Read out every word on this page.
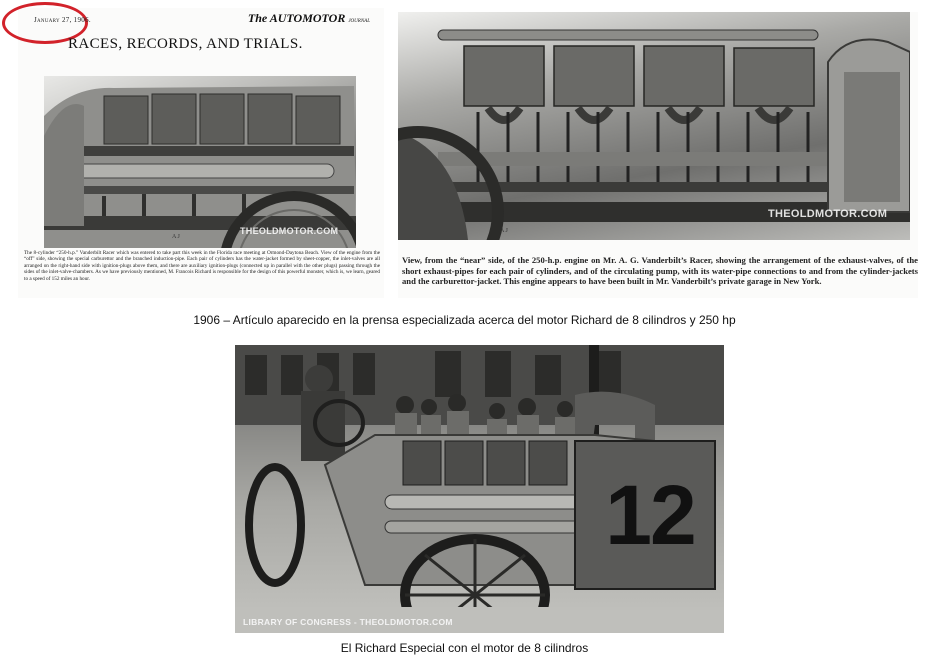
January 27, 1906.	The AUTOMOTOR JOURNAL
RACES, RECORDS, AND TRIALS.
A J
THEOLDMOTOR.COM
The 8-cylinder “250-h.p.” Vanderbilt Racer which was entered to take part this week in the Florida race meeting at Ormond-Daytona Beach. View of the engine from the “off” side, showing the special carburettor and the branched induction-pipe. Each pair of cylinders has the water-jacket formed by sheet-copper, the inlet-valves are all arranged on the right-hand side with ignition-plugs above them, and there are auxiliary ignition-plugs (connected up in parallel with the other plugs) passing through the sides of the inlet-valve-chambers. As we have previously mentioned, M. Francois Richard is responsible for the design of this powerful monster, which is, we learn, geared to a speed of 152 miles an hour.
A J
THEOLDMOTOR.COM
View, from the “near” side, of the 250-h.p. engine on Mr. A. G. Vanderbilt’s Racer, showing the arrangement of the exhaust-valves, of the short exhaust-pipes for each pair of cylinders, and of the circulating pump, with its water-pipe connections to and from the cylinder-jackets and the carburettor-jacket. This engine appears to have been built in Mr. Vanderbilt’s private garage in New York.
1906 – Artículo aparecido en la prensa especializada acerca del motor Richard de 8 cilindros y 250 hp
12
LIBRARY OF CONGRESS - THEOLDMOTOR.COM
El Richard Especial con el motor de 8 cilindros
